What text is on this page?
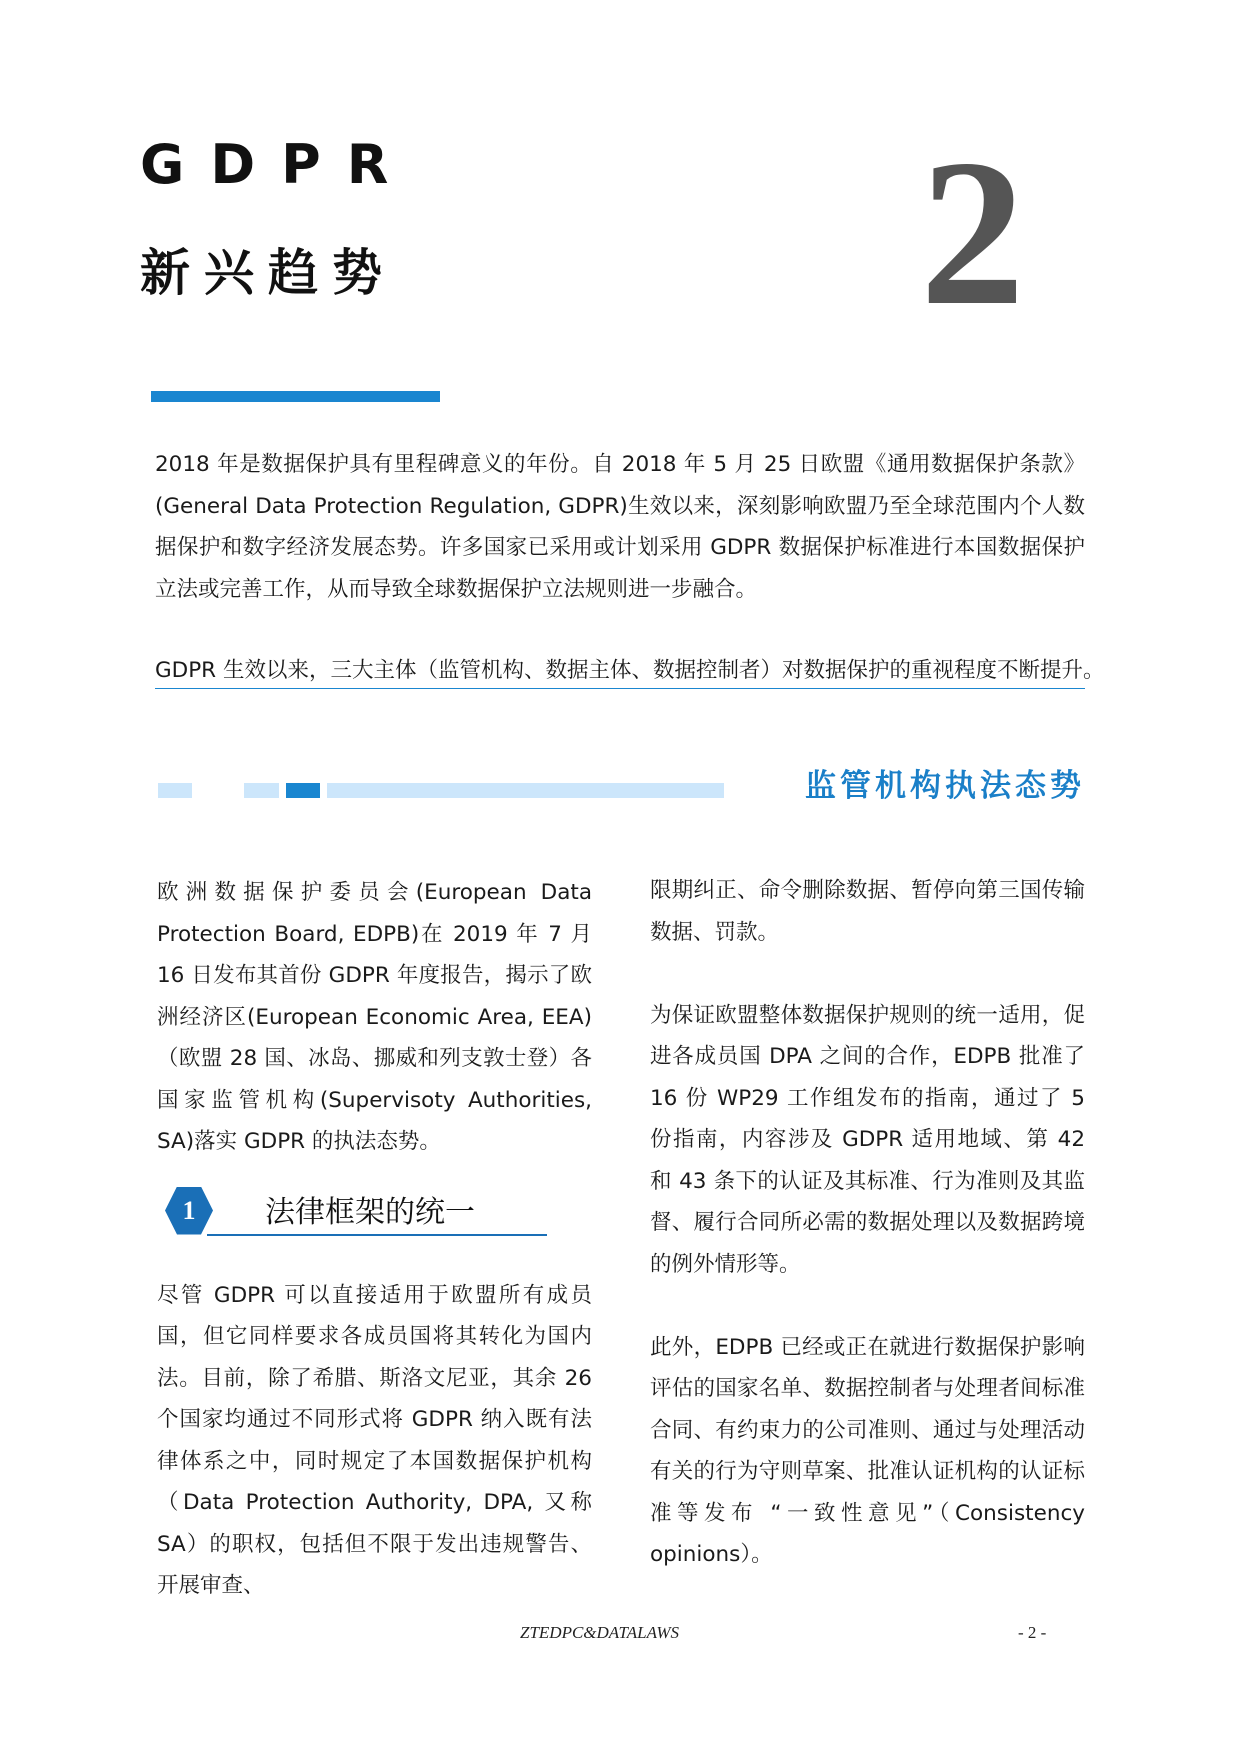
GDPR
新兴趋势 2
2018 年是数据保护具有里程碑意义的年份。自 2018 年 5 月 25 日欧盟《通用数据保护条款》(General Data Protection Regulation, GDPR)生效以来，深刻影响欧盟乃至全球范围内个人数据保护和数字经济发展态势。许多国家已采用或计划采用 GDPR 数据保护标准进行本国数据保护立法或完善工作，从而导致全球数据保护立法规则进一步融合。
GDPR 生效以来，三大主体（监管机构、数据主体、数据控制者）对数据保护的重视程度不断提升。
监管机构执法态势

欧洲数据保护委员会(European Data Protection Board, EDPB)在 2019 年 7 月 16 日发布其首份 GDPR 年度报告，揭示了欧洲经济区(European Economic Area, EEA)（欧盟 28 国、冰岛、挪威和列支敦士登）各国家监管机构(Supervisoty Authorities, SA)落实 GDPR 的执法态势。

1	法律框架的统一

尽管 GDPR 可以直接适用于欧盟所有成员国，但它同样要求各成员国将其转化为国内法。目前，除了希腊、斯洛文尼亚，其余 26 个国家均通过不同形式将 GDPR 纳入既有法律体系之中，同时规定了本国数据保护机构（Data Protection Authority, DPA, 又称 SA）的职权，包括但不限于发出违规警告、开展审查、

限期纠正、命令删除数据、暂停向第三国传输数据、罚款。

为保证欧盟整体数据保护规则的统一适用，促进各成员国 DPA 之间的合作，EDPB 批准了 16 份 WP29 工作组发布的指南，通过了 5 份指南，内容涉及 GDPR 适用地域、第 42 和 43 条下的认证及其标准、行为准则及其监督、履行合同所必需的数据处理以及数据跨境的例外情形等。

此外，EDPB 已经或正在就进行数据保护影响评估的国家名单、数据控制者与处理者间标准合同、有约束力的公司准则、通过与处理活动有关的行为守则草案、批准认证机构的认证标准等发布 “一致性意见”（Consistency opinions）。

ZTEDPC&DATALAWS	- 2 -
